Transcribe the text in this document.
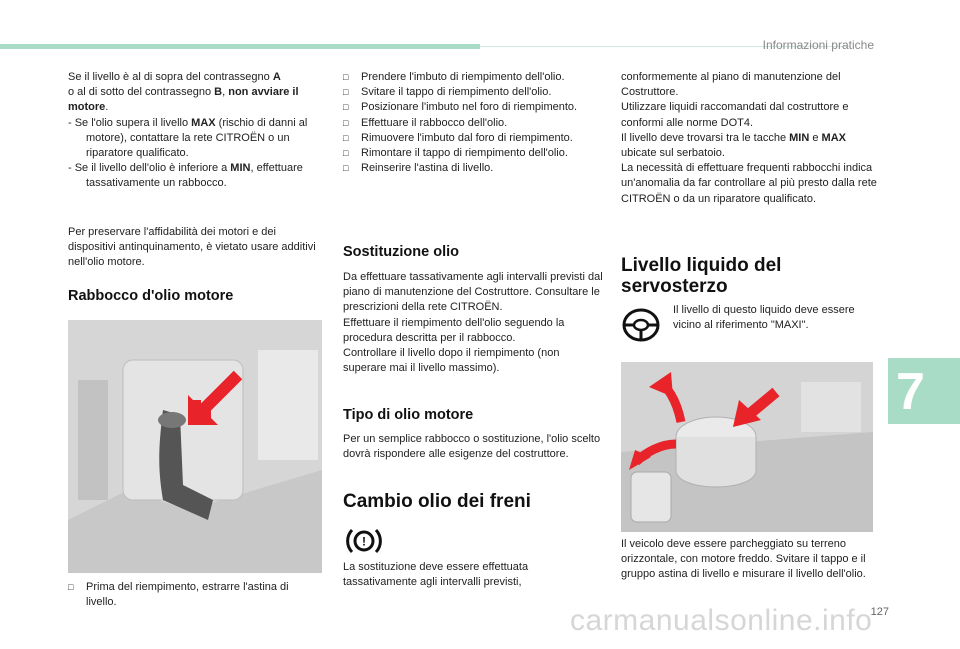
Informazioni pratiche

Se il livello è al di sopra del contrassegno A
o al di sotto del contrassegno B, non avviare il motore.

- Se l'olio supera il livello MAX (rischio di danni al motore), contattare la rete CITROËN o un riparatore qualificato.

- Se il livello dell'olio è inferiore a MIN, effettuare tassativamente un rabbocco.

Per preservare l'affidabilità dei motori e dei dispositivi antinquinamento, è vietato usare additivi nell'olio motore.
Rabbocco d'olio motore
□ Prima del riempimento, estrarre l'astina di livello.
□ Prendere l'imbuto di riempimento dell'olio.
□ Svitare il tappo di riempimento dell'olio.
□ Posizionare l'imbuto nel foro di riempimento.
□ Effettuare il rabbocco dell'olio.
□ Rimuovere l'imbuto dal foro di riempimento.
□ Rimontare il tappo di riempimento dell'olio.
□ Reinserire l'astina di livello.
Sostituzione olio

Da effettuare tassativamente agli intervalli previsti dal piano di manutenzione del Costruttore. Consultare le prescrizioni della rete CITROËN.

Effettuare il riempimento dell'olio seguendo la procedura descritta per il rabbocco.

Controllare il livello dopo il riempimento (non superare mai il livello massimo).

Tipo di olio motore
Per un semplice rabbocco o sostituzione, l'olio scelto dovrà rispondere alle esigenze del costruttore.
Cambio olio dei freni
!
La sostituzione deve essere effettuata tassativamente agli intervalli previsti,

conformemente al piano di manutenzione del Costruttore.

Utilizzare liquidi raccomandati dal costruttore e conformi alle norme DOT4.

Il livello deve trovarsi tra le tacche MIN e MAX ubicate sul serbatoio.

La necessità di effettuare frequenti rabbocchi indica un'anomalia da far controllare al più presto dalla rete CITROËN o da un riparatore qualificato.

Livello liquido del
servosterzo
Il livello di questo liquido deve essere vicino al riferimento "MAXI".
Il veicolo deve essere parcheggiato su terreno orizzontale, con motore freddo. Svitare il tappo e il gruppo astina di livello e misurare il livello dell'olio.
7
127
carmanualsonline.info
